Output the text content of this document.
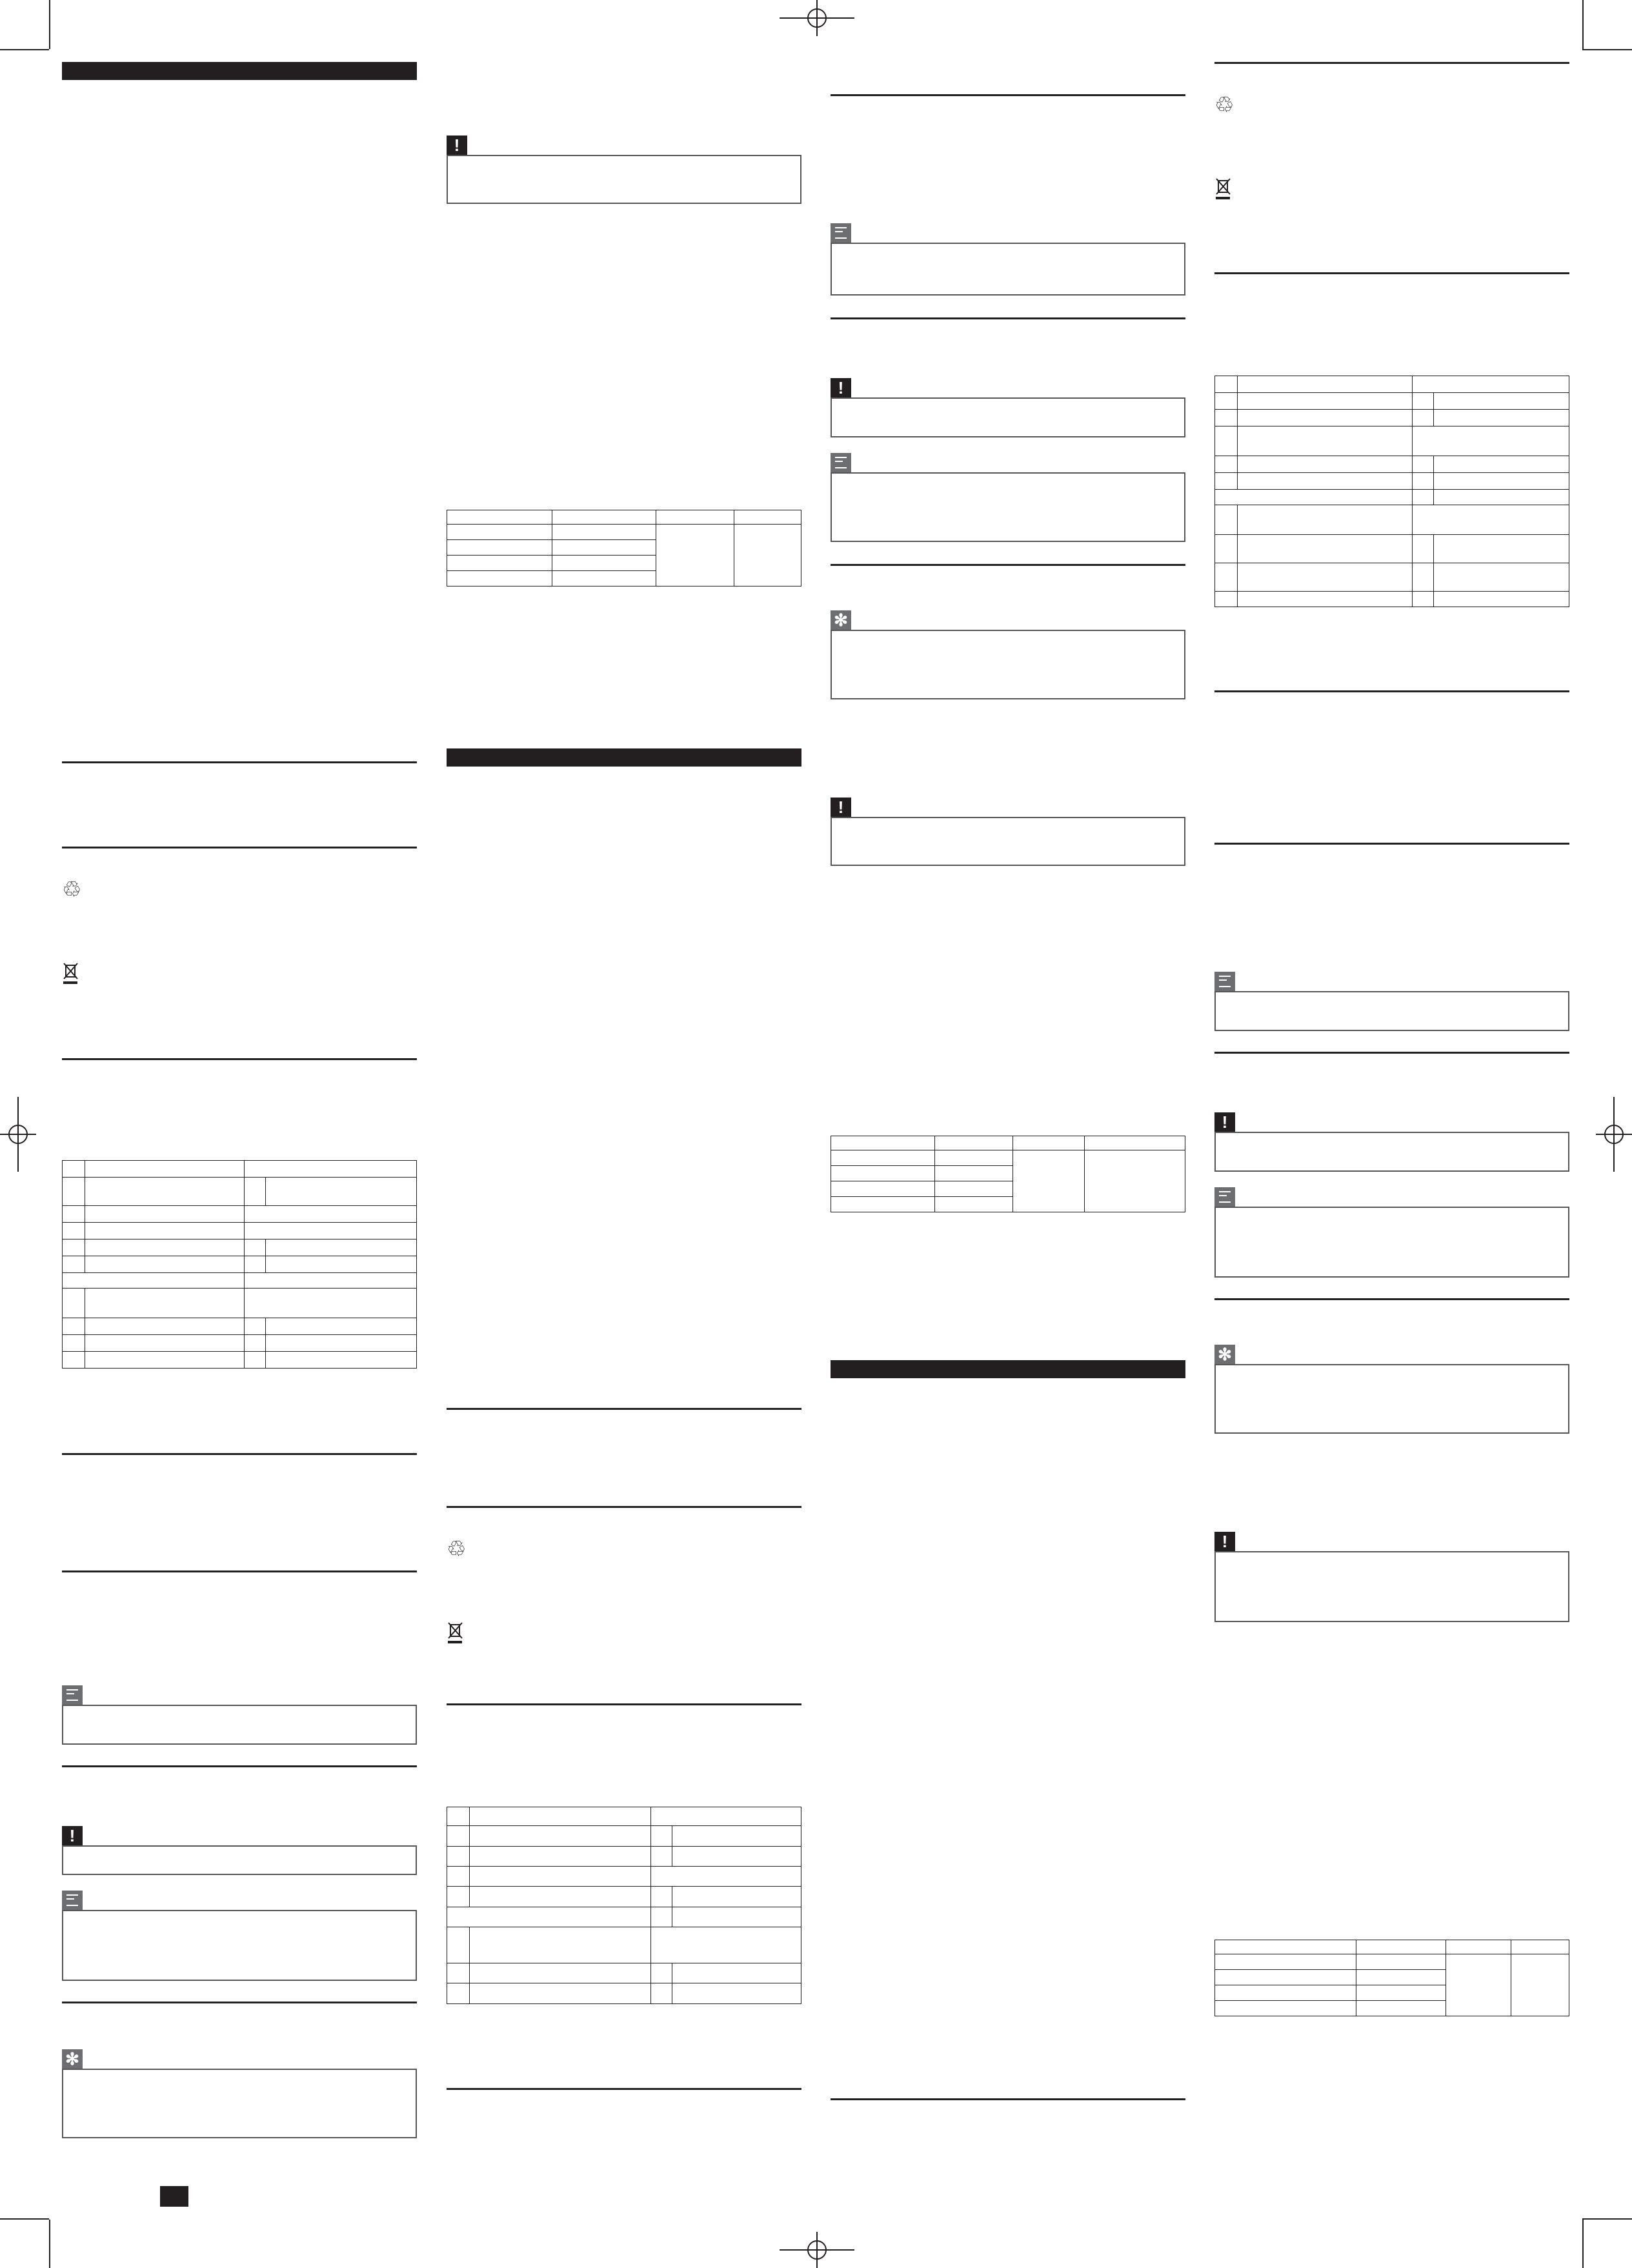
♲

!
✻
!

♲

!
✻
!

♲

!
✻
!
